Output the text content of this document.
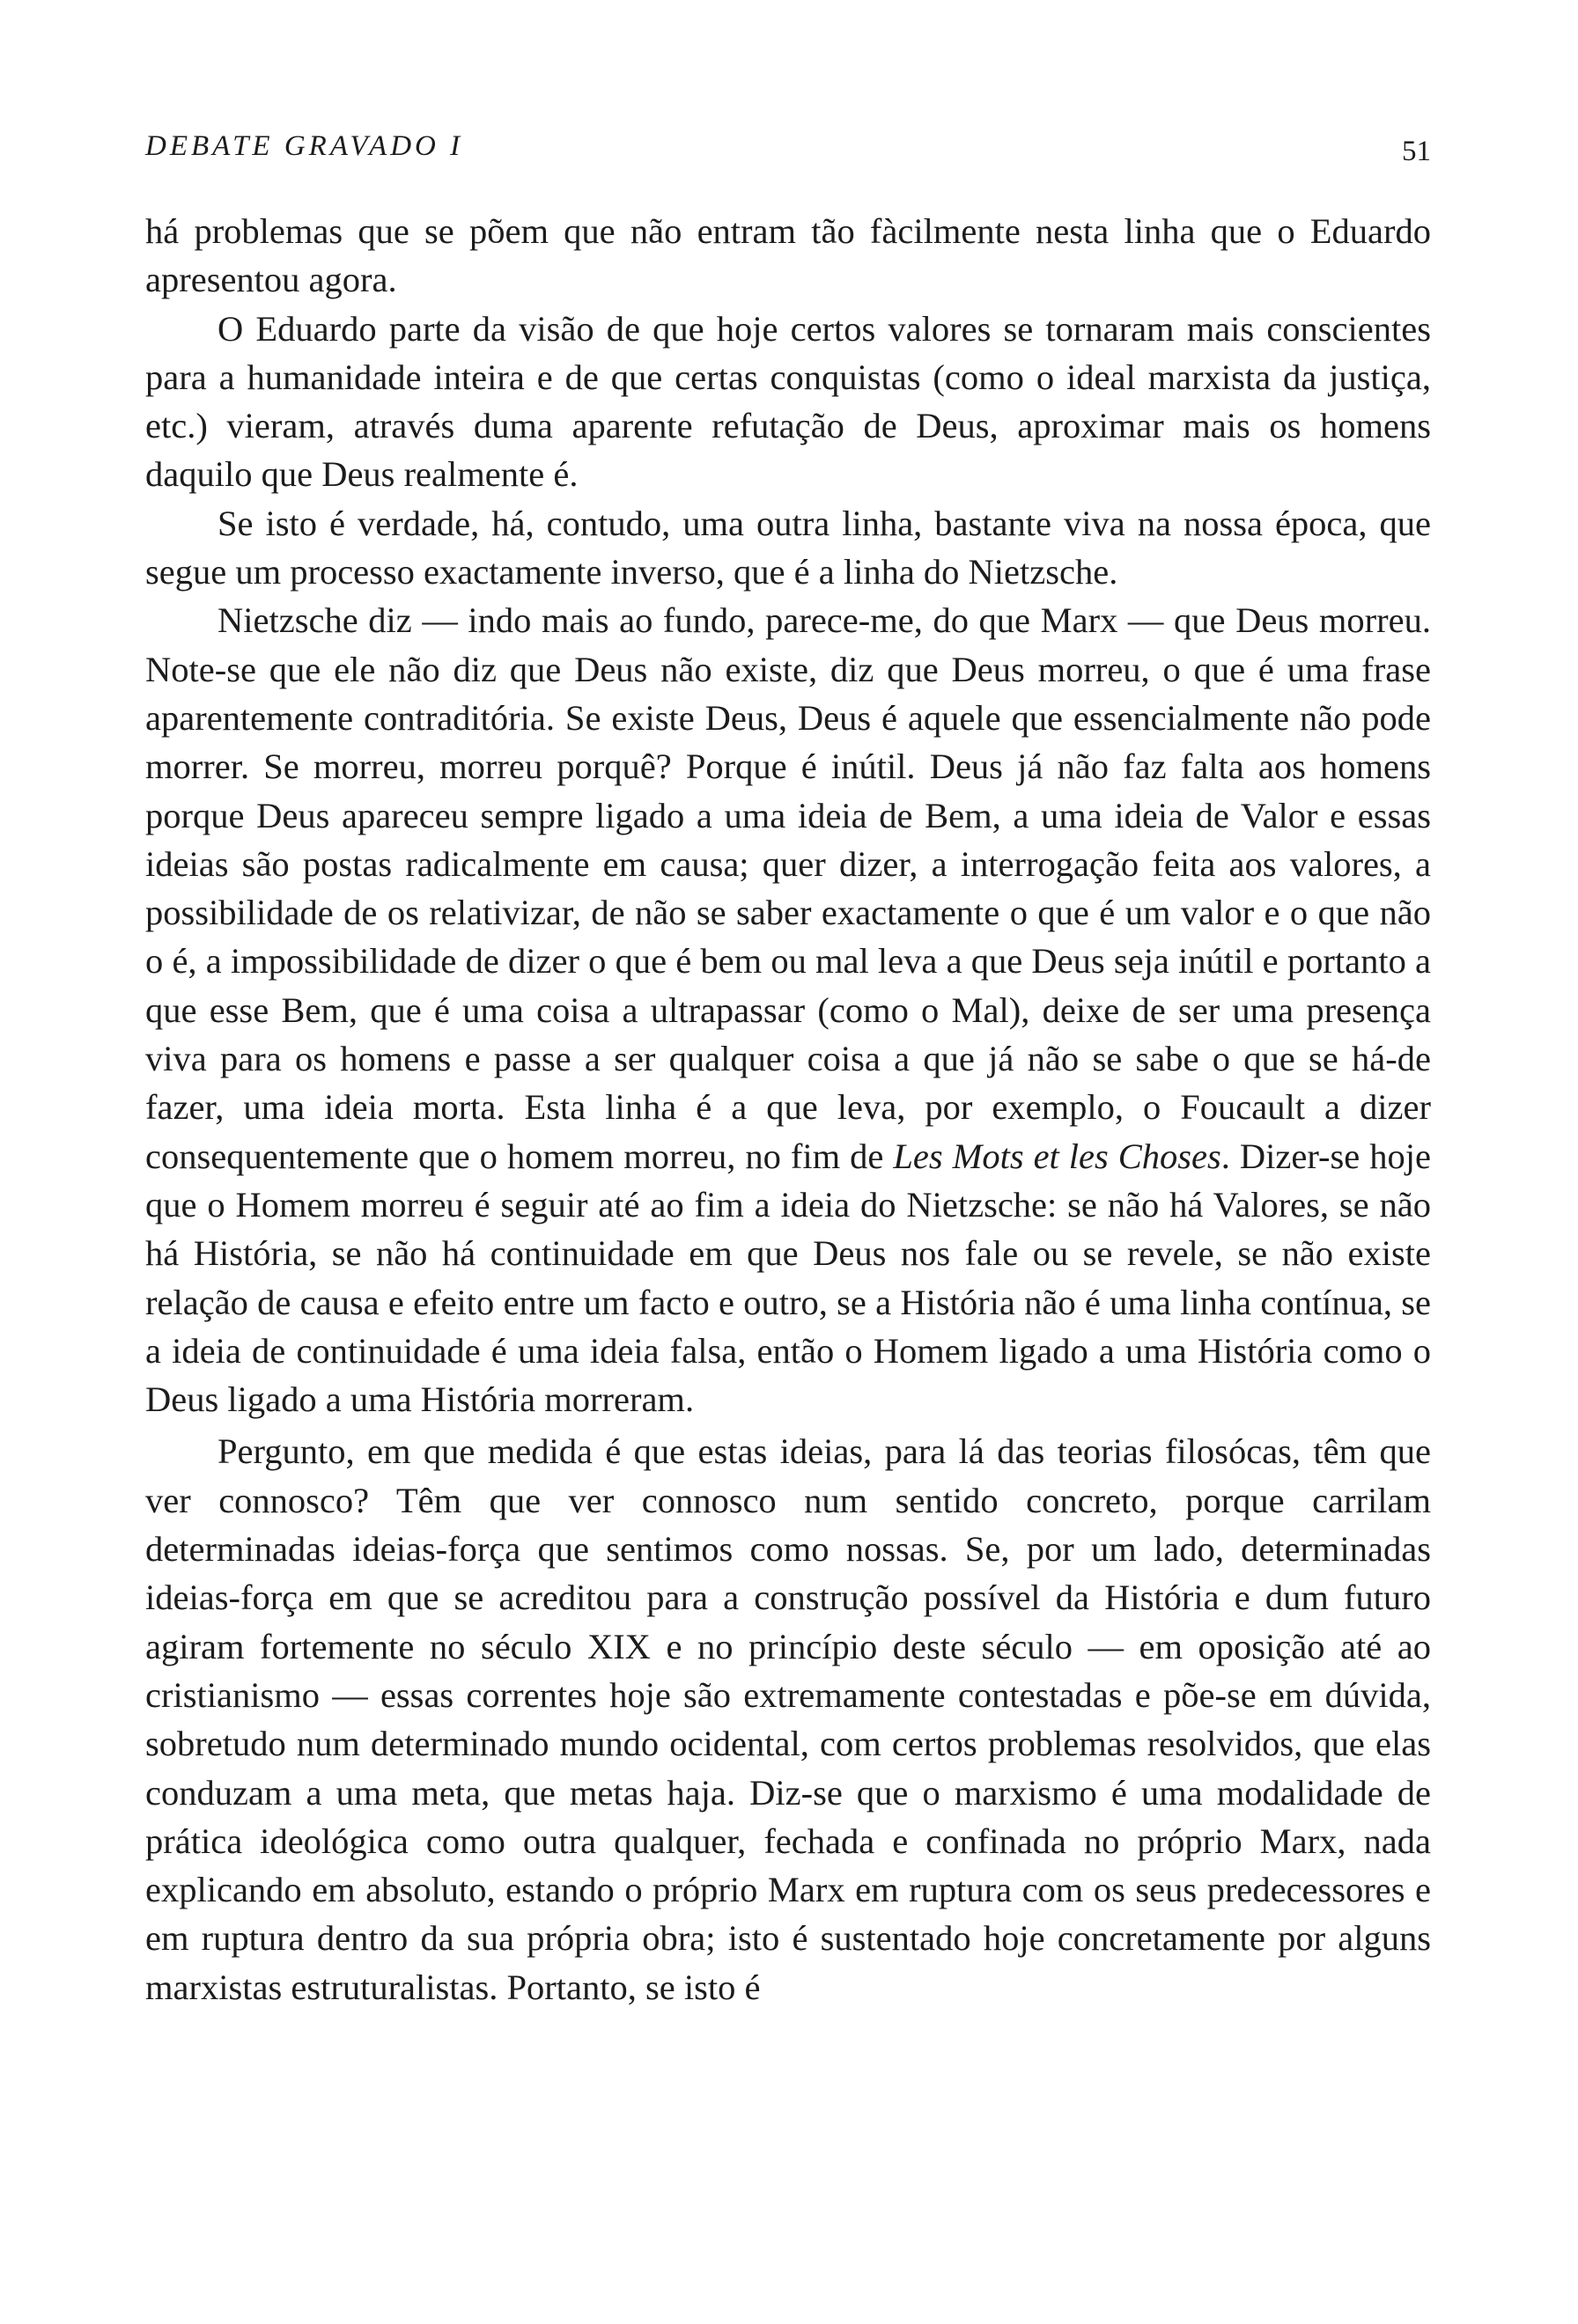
DEBATE GRAVADO I	51

há problemas que se põem que não entram tão fàcilmente nesta linha que o Eduardo apresentou agora.

O Eduardo parte da visão de que hoje certos valores se tornaram mais conscientes para a humanidade inteira e de que certas conquistas (como o ideal marxista da justiça, etc.) vieram, através duma aparente refutação de Deus, aproximar mais os homens daquilo que Deus realmente é.

Se isto é verdade, há, contudo, uma outra linha, bastante viva na nossa época, que segue um processo exactamente inverso, que é a linha do Nietzsche.

Nietzsche diz — indo mais ao fundo, parece-me, do que Marx — que Deus morreu. Note-se que ele não diz que Deus não existe, diz que Deus morreu, o que é uma frase aparentemente contraditória. Se existe Deus, Deus é aquele que essencialmente não pode morrer. Se morreu, morreu porquê? Porque é inútil. Deus já não faz falta aos homens porque Deus apareceu sempre ligado a uma ideia de Bem, a uma ideia de Valor e essas ideias são postas radicalmente em causa; quer dizer, a interrogação feita aos valores, a possibilidade de os relativizar, de não se saber exactamente o que é um valor e o que não o é, a impossibilidade de dizer o que é bem ou mal leva a que Deus seja inútil e portanto a que esse Bem, que é uma coisa a ultrapassar (como o Mal), deixe de ser uma presença viva para os homens e passe a ser qualquer coisa a que já não se sabe o que se há-de fazer, uma ideia morta. Esta linha é a que leva, por exemplo, o Foucault a dizer consequentemente que o homem morreu, no fim de Les Mots et les Choses. Dizer-se hoje que o Homem morreu é seguir até ao fim a ideia do Nietzsche: se não há Valores, se não há História, se não há continuidade em que Deus nos fale ou se revele, se não existe relação de causa e efeito entre um facto e outro, se a História não é uma linha contínua, se a ideia de continuidade é uma ideia falsa, então o Homem ligado a uma História como o Deus ligado a uma História morreram.

Pergunto, em que medida é que estas ideias, para lá das teorias filosócas, têm que ver connosco? Têm que ver connosco num sentido concreto, porque carrilam determinadas ideias-força que sentimos como nossas. Se, por um lado, determinadas ideias-força em que se acreditou para a construção possível da História e dum futuro agiram fortemente no século XIX e no princípio deste século — em oposição até ao cristianismo — essas correntes hoje são extremamente contestadas e põe-se em dúvida, sobretudo num determinado mundo ocidental, com certos problemas resolvidos, que elas conduzam a uma meta, que metas haja. Diz-se que o marxismo é uma modalidade de prática ideológica como outra qualquer, fechada e confinada no próprio Marx, nada explicando em absoluto, estando o próprio Marx em ruptura com os seus predecessores e em ruptura dentro da sua própria obra; isto é sustentado hoje concretamente por alguns marxistas estruturalistas. Portanto, se isto é
